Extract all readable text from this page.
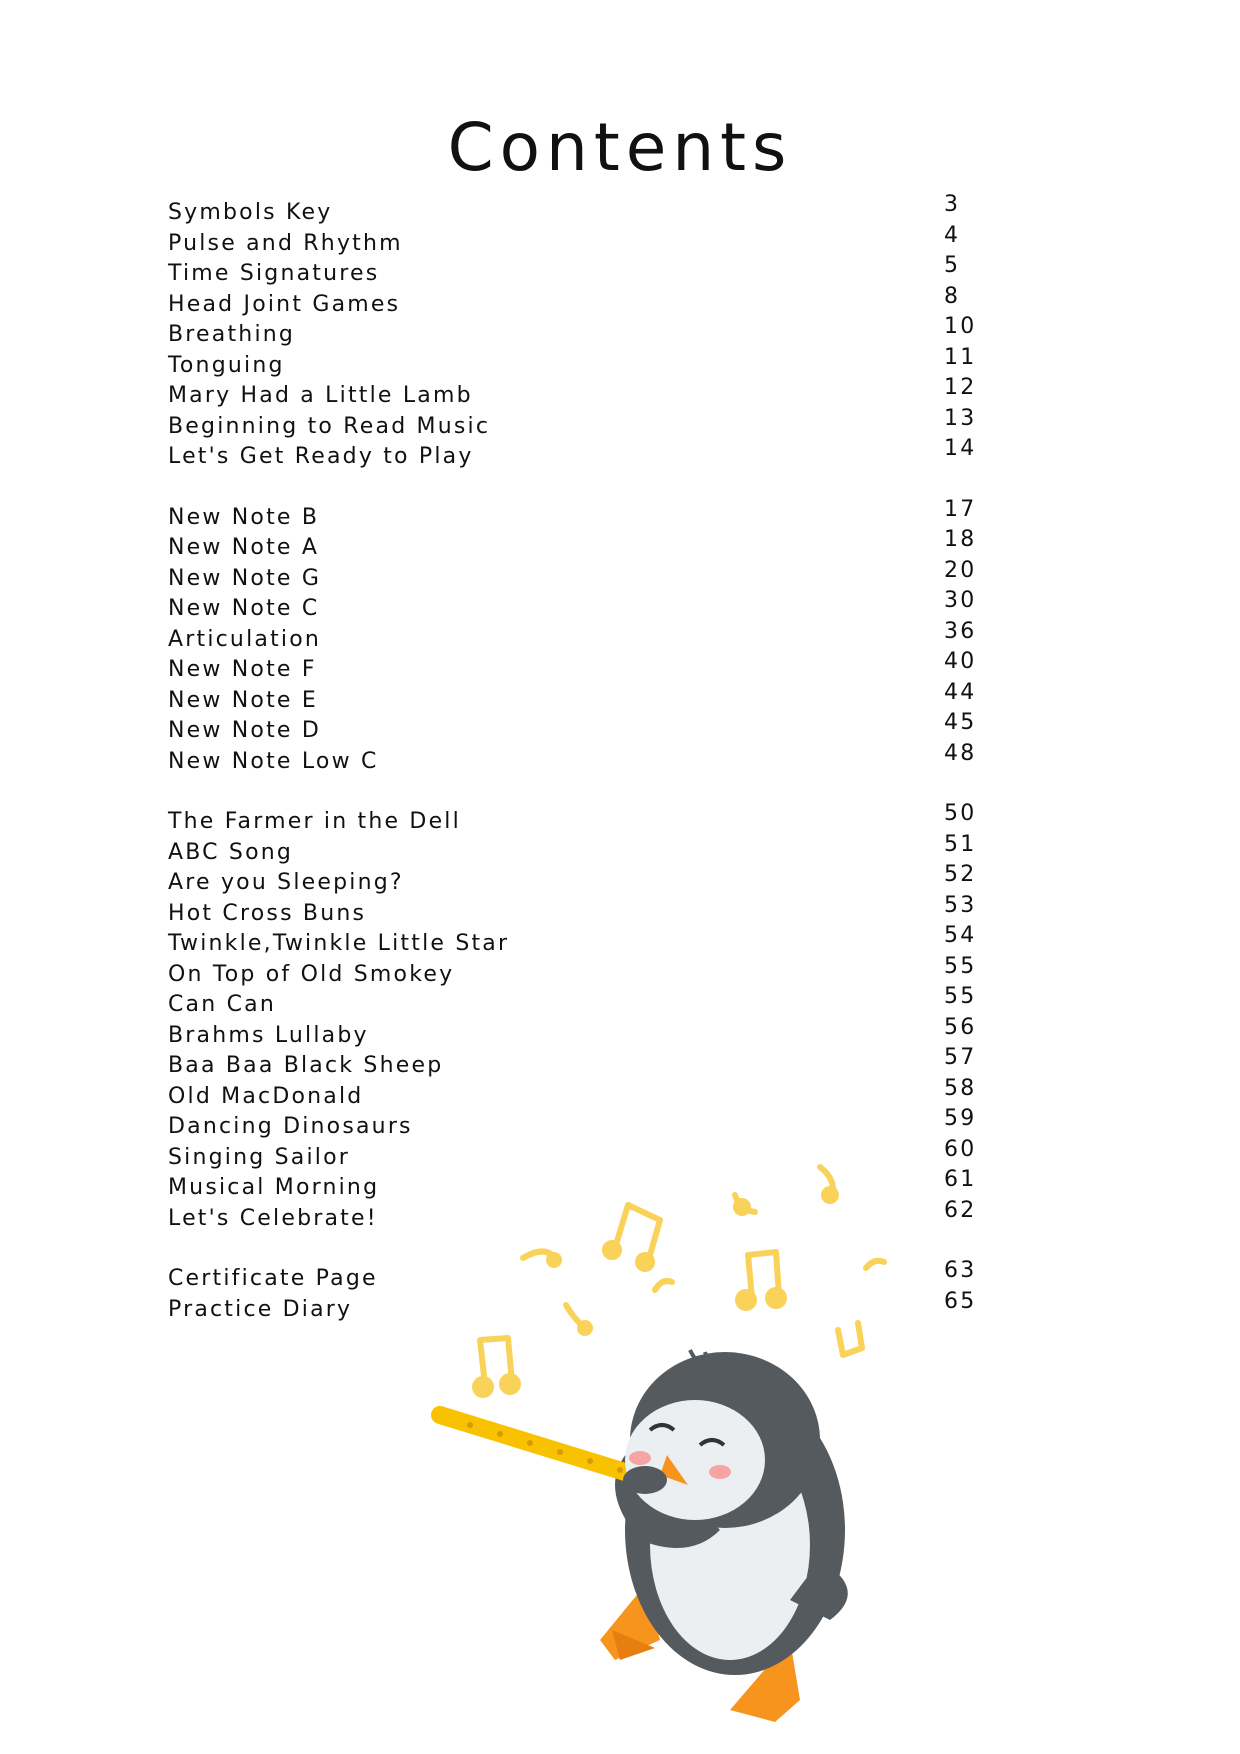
Contents
Symbols Key	3
Pulse and Rhythm	4
Time Signatures	5
Head Joint Games	8
Breathing	10
Tonguing	11
Mary Had a Little Lamb	12
Beginning to Read Music	13
Let's Get Ready to Play	14
New Note B	17
New Note A	18
New Note G	20
New Note C	30
Articulation	36
New Note F	40
New Note E	44
New Note D	45
New Note Low C	48
The Farmer in the Dell	50
ABC Song	51
Are you Sleeping?	52
Hot Cross Buns	53
Twinkle,Twinkle Little Star	54
On Top of Old Smokey	55
Can Can	55
Brahms Lullaby	56
Baa Baa Black Sheep	57
Old MacDonald	58
Dancing Dinosaurs	59
Singing Sailor	60
Musical Morning	61
Let's Celebrate!	62
Certificate Page	63
Practice Diary	65
